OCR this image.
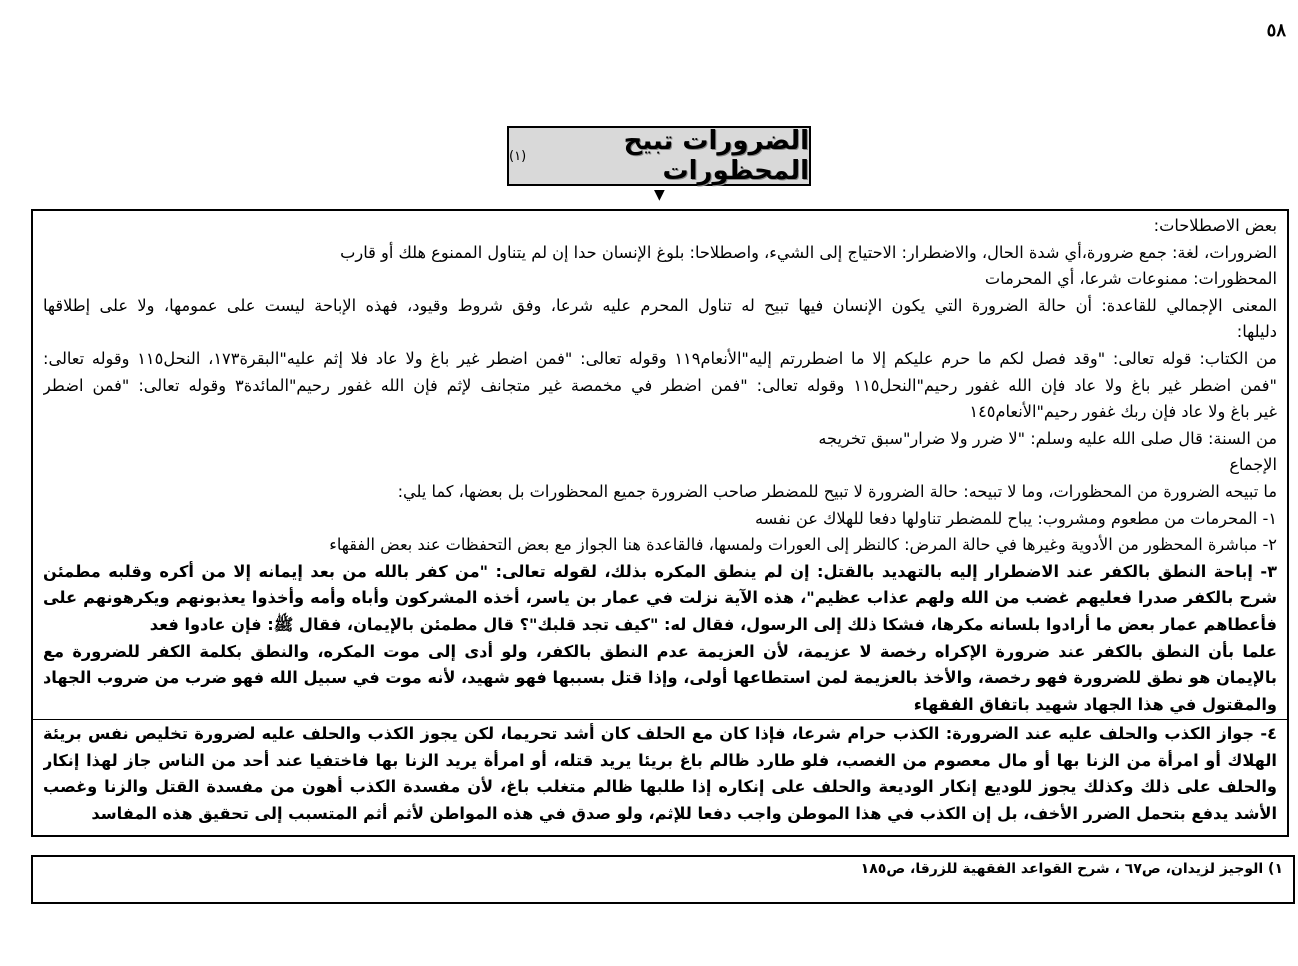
٥٨
الضرورات تبيح المحظورات
(١)
▼
بعض الاصطلاحات:
الضرورات، لغة: جمع ضرورة،أي شدة الحال، والاضطرار: الاحتياج إلى الشيء، واصطلاحا: بلوغ الإنسان حدا إن لم يتناول الممنوع هلك أو قارب
المحظورات: ممنوعات شرعا، أي المحرمات
المعنى الإجمالي للقاعدة: أن حالة الضرورة التي يكون الإنسان فيها تبيح له تناول المحرم عليه شرعا، وفق شروط وقيود، فهذه الإباحة ليست على عمومها، ولا على إطلاقها
دليلها:
من الكتاب: قوله تعالى: "وقد فصل لكم ما حرم عليكم إلا ما اضطررتم إليه"الأنعام١١٩ وقوله تعالى: "فمن اضطر غير باغ ولا عاد فلا إثم عليه"البقرة١٧٣، النحل١١٥ وقوله تعالى:
"فمن اضطر غير باغ ولا عاد فإن الله غفور رحيم"النحل١١٥ وقوله تعالى: "فمن اضطر في مخمصة غير متجانف لإثم فإن الله غفور رحيم"المائدة٣ وقوله تعالى: "فمن اضطر
غير باغ ولا عاد فإن ربك غفور رحيم"الأنعام١٤٥
من السنة: قال صلى الله عليه وسلم: "لا ضرر ولا ضرار"سبق تخريجه
الإجماع
ما تبيحه الضرورة من المحظورات، وما لا تبيحه: حالة الضرورة لا تبيح للمضطر صاحب الضرورة جميع المحظورات بل بعضها، كما يلي:
١- المحرمات من مطعوم ومشروب: يباح للمضطر تناولها دفعا للهلاك عن نفسه
٢- مباشرة المحظور من الأدوية وغيرها في حالة المرض: كالنظر إلى العورات ولمسها، فالقاعدة هنا الجواز مع بعض التحفظات عند بعض الفقهاء
٣- إباحة النطق بالكفر عند الاضطرار إليه بالتهديد بالقتل: إن لم ينطق المكره بذلك، لقوله تعالى: "من كفر بالله من بعد إيمانه إلا من أكره وقلبه مطمئن
شرح بالكفر صدرا فعليهم غضب من الله ولهم عذاب عظيم"، هذه الآية نزلت في عمار بن ياسر، أخذه المشركون وأباه وأمه وأخذوا يعذبونهم ويكرهونهم على
فأعطاهم عمار بعض ما أرادوا بلسانه مكرها، فشكا ذلك إلى الرسول، فقال له: "كيف تجد قلبك"؟ قال مطمئن بالإيمان، فقال ﷺ: فإن عادوا فعد
علما بأن النطق بالكفر عند ضرورة الإكراه رخصة لا عزيمة، لأن العزيمة عدم النطق بالكفر، ولو أدى إلى موت المكره، والنطق بكلمة الكفر للضرورة مع
بالإيمان هو نطق للضرورة فهو رخصة، والأخذ بالعزيمة لمن استطاعها أولى، وإذا قتل بسببها فهو شهيد، لأنه موت في سبيل الله فهو ضرب من ضروب الجهاد
والمقتول في هذا الجهاد شهيد باتفاق الفقهاء
٤- جواز الكذب والحلف عليه عند الضرورة: الكذب حرام شرعا، فإذا كان مع الحلف كان أشد تحريما، لكن يجوز الكذب والحلف عليه لضرورة تخليص نفس بريئة
الهلاك أو امرأة من الزنا بها أو مال معصوم من الغصب، فلو طارد ظالم باغ بريئا يريد قتله، أو امرأة يريد الزنا بها فاختفيا عند أحد من الناس جاز لهذا إنكار
والحلف على ذلك وكذلك يجوز للوديع إنكار الوديعة والحلف على إنكاره إذا طلبها ظالم متغلب باغ، لأن مفسدة الكذب أهون من مفسدة القتل والزنا وغصب
الأشد يدفع بتحمل الضرر الأخف، بل إن الكذب في هذا الموطن واجب دفعا للإثم، ولو صدق في هذه المواطن لأثم أثم المتسبب إلى تحقيق هذه المفاسد
١) الوجيز لزيدان، ص٦٧ ، شرح القواعد الفقهية للزرقا، ص١٨٥
